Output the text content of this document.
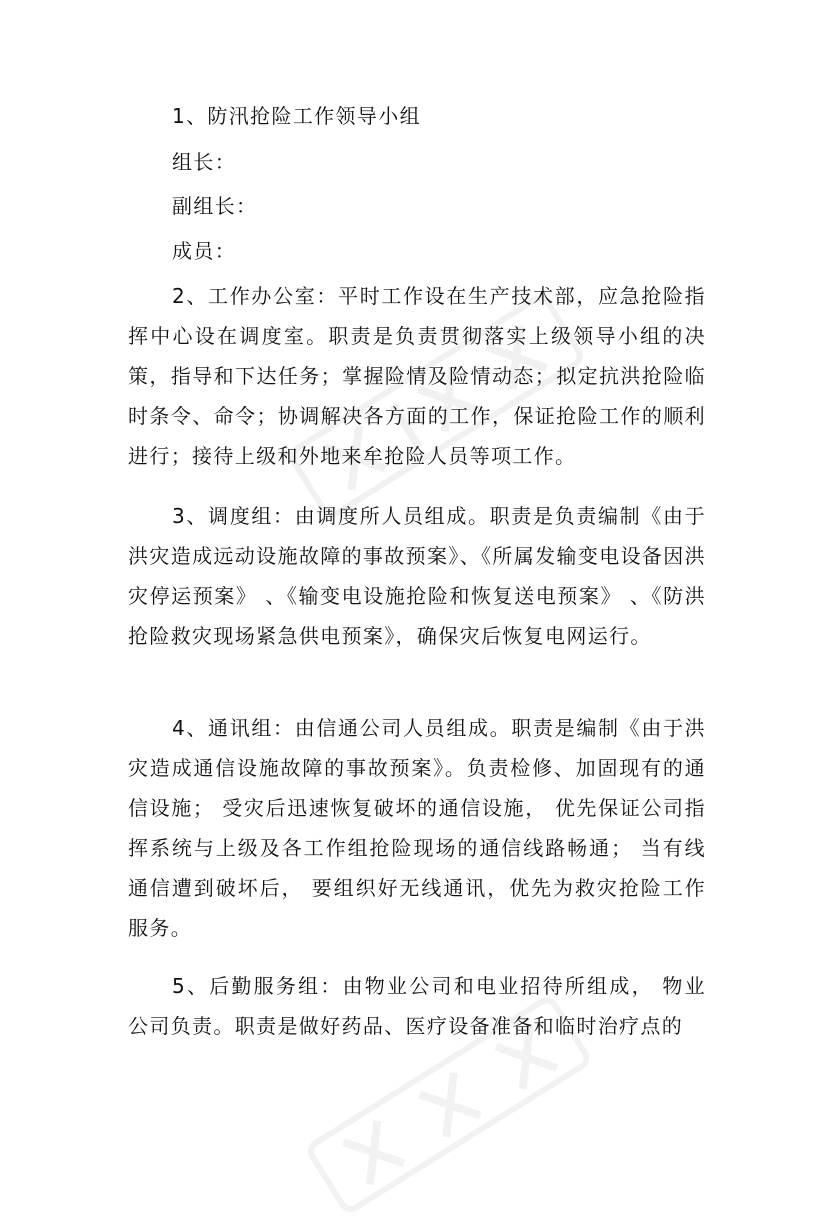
1、防汛抢险工作领导小组
组长：
副组长：
成员：
2、工作办公室：平时工作设在生产技术部，应急抢险指挥中心设在调度室。职责是负责贯彻落实上级领导小组的决策，指导和下达任务；掌握险情及险情动态；拟定抗洪抢险临时条令、命令；协调解决各方面的工作，保证抢险工作的顺利进行；接待上级和外地来牟抢险人员等项工作。
3、调度组：由调度所人员组成。职责是负责编制《由于洪灾造成远动设施故障的事故预案》、《所属发输变电设备因洪灾停运预案》 、《输变电设施抢险和恢复送电预案》 、《防洪抢险救灾现场紧急供电预案》，确保灾后恢复电网运行。
4、通讯组：由信通公司人员组成。职责是编制《由于洪灾造成通信设施故障的事故预案》。负责检修、加固现有的通信设施； 受灾后迅速恢复破坏的通信设施， 优先保证公司指挥系统与上级及各工作组抢险现场的通信线路畅通； 当有线通信遭到破坏后， 要组织好无线通讯，优先为救灾抢险工作服务。
5、后勤服务组：由物业公司和电业招待所组成， 物业公司负责。职责是做好药品、医疗设备准备和临时治疗点的
